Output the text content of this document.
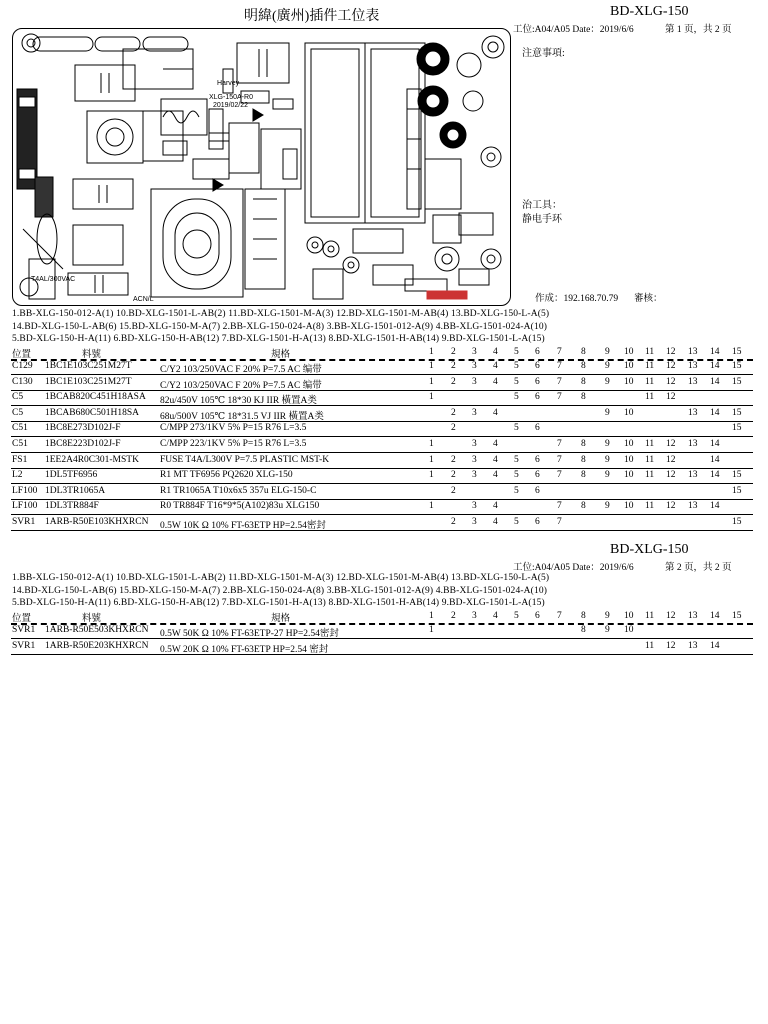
明緯(廣州)插件工位表	BD-XLG-150
工位:A04/A05 Date：2019/6/6	第 1 页，共 2 页
XLG-150A-R0
2019/02/22
Harvey
T4AL/300VAC
ACN/L
注意事項:
治工具：
静电手环
作成：192.168.70.79 審核：
1.BB-XLG-150-012-A(1) 10.BD-XLG-1501-L-AB(2) 11.BD-XLG-1501-M-A(3) 12.BD-XLG-1501-M-AB(4) 13.BD-XLG-150-L-A(5)
14.BD-XLG-150-L-AB(6) 15.BD-XLG-150-M-A(7) 2.BB-XLG-150-024-A(8) 3.BB-XLG-1501-012-A(9) 4.BB-XLG-1501-024-A(10)
5.BD-XLG-150-H-A(11) 6.BD-XLG-150-H-AB(12) 7.BD-XLG-1501-H-A(13) 8.BD-XLG-1501-H-AB(14) 9.BD-XLG-1501-L-A(15)
位置	料號	規格	1 2 3 4 5 6 7 8 9 10 11 12 13 14 15
C129 1BC1E103C251M27T	C/Y2 103/250VAC F 20% P=7.5 AC 编带	1 2 3 4 5 6 7 8 9 10 11 12 13 14 15
C130 1BC1E103C251M27T	C/Y2 103/250VAC F 20% P=7.5 AC 编带	1 2 3 4 5 6 7 8 9 10 11 12 13 14 15
C5 1BCAB820C451H18ASA 82u/450V 105℃ 18*30 KJ IIR 橫置A类	1	5 6 7 8	11 12
C5 1BCAB680C501H18SA 68u/500V 105℃ 18*31.5 VJ IIR 橫置A类	2 3 4	9 10	13 14 15
C51 1BC8E273D102J-F	C/MPP 273/1KV 5% P=15 R76 L=3.5	2	5 6	15
C51 1BC8E223D102J-F	C/MPP 223/1KV 5% P=15 R76 L=3.5	1	3 4	7 8 9 10 11 12 13 14
FS1 1EE2A4R0C301-MSTK FUSE T4A/L300V P=7.5 PLASTIC MST-K	1 2 3 4 5 6 7 8 9 10 11 12	14
L2 1DL5TF6956	R1 MT TF6956 PQ2620 XLG-150	1 2 3 4 5 6 7 8 9 10 11 12 13 14 15
LF100 1DL3TR1065A	R1 TR1065A T10x6x5 357u ELG-150-C	2	5 6	15
LF100 1DL3TR884F	R0 TR884F T16*9*5(A102)83u XLG150	1	3 4	7 8 9 10 11 12 13 14
SVR1 1ARB-R50E103KHXRCN 0.5W 10K Ω 10% FT-63ETP HP=2.54密封	2 3 4 5 6 7	15
BD-XLG-150
工位:A04/A05 Date：2019/6/6	第 2 页，共 2 页
1.BB-XLG-150-012-A(1) 10.BD-XLG-1501-L-AB(2) 11.BD-XLG-1501-M-A(3) 12.BD-XLG-1501-M-AB(4) 13.BD-XLG-150-L-A(5)
14.BD-XLG-150-L-AB(6) 15.BD-XLG-150-M-A(7) 2.BB-XLG-150-024-A(8) 3.BB-XLG-1501-012-A(9) 4.BB-XLG-1501-024-A(10)
5.BD-XLG-150-H-A(11) 6.BD-XLG-150-H-AB(12) 7.BD-XLG-1501-H-A(13) 8.BD-XLG-1501-H-AB(14) 9.BD-XLG-1501-L-A(15)
位置	料號	規格	1 2 3 4 5 6 7 8 9 10 11 12 13 14 15
SVR1 1ARB-R50E503KHXRCN 0.5W 50K Ω 10% FT-63ETP-27 HP=2.54密封	1	8 9 10
SVR1 1ARB-R50E203KHXRCN 0.5W 20K Ω 10% FT-63ETP HP=2.54 密封	11 12 13 14
